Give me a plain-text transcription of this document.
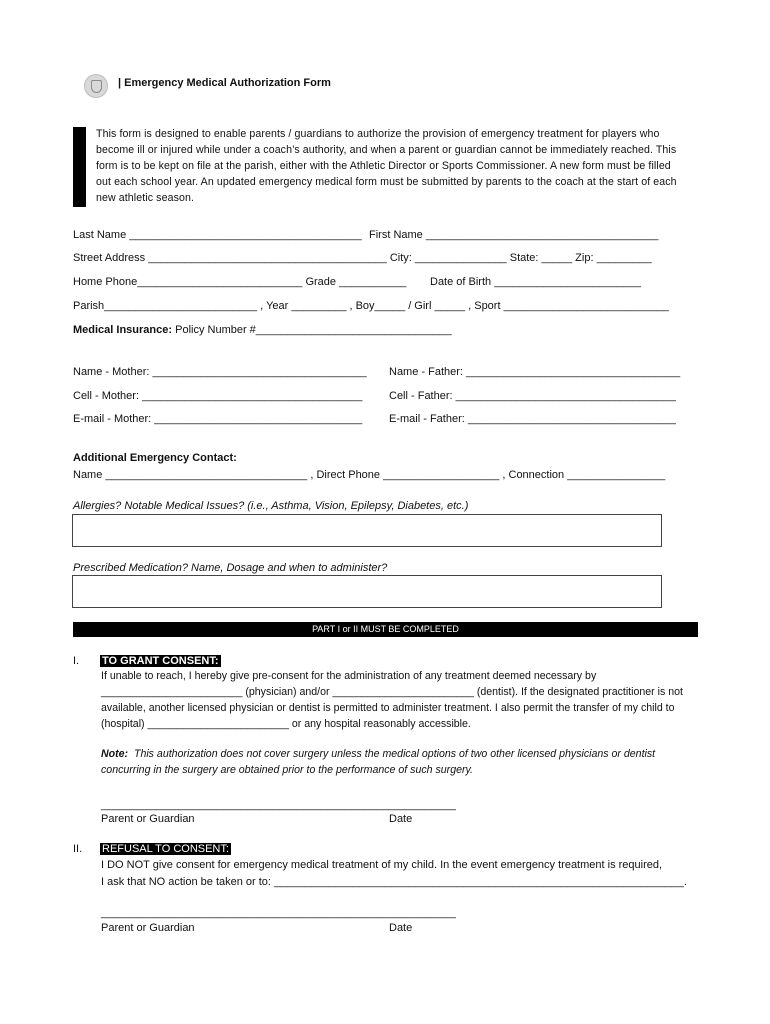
| Emergency Medical Authorization Form
This form is designed to enable parents / guardians to authorize the provision of emergency treatment for players who become ill or injured while under a coach’s authority, and when a parent or guardian cannot be immediately reached. This form is to be kept on file at the parish, either with the Athletic Director or Sports Commissioner. A new form must be filled out each school year. An updated emergency medical form must be submitted by parents to the coach at the start of each new athletic season.
Last Name ______________________________________ First Name ______________________________________
Street Address _______________________________________ City: _______________ State: _____ Zip: _________
Home Phone___________________________ Grade ___________ Date of Birth ________________________
Parish_________________________ , Year _________ , Boy_____ / Girl _____ , Sport ___________________________
Medical Insurance: Policy Number #________________________________
Name - Mother: ___________________________________ Name - Father: ___________________________________
Cell - Mother: ____________________________________ Cell - Father: ____________________________________
E-mail - Mother: __________________________________ E-mail - Father: __________________________________
Additional Emergency Contact:
Name _________________________________ , Direct Phone ___________________ , Connection ________________
Allergies? Notable Medical Issues? (i.e., Asthma, Vision, Epilepsy, Diabetes, etc.)
Prescribed Medication? Name, Dosage and when to administer?
PART I or II MUST BE COMPLETED
I. TO GRANT CONSENT:
If unable to reach, I hereby give pre-consent for the administration of any treatment deemed necessary by ________________________ (physician) and/or ________________________ (dentist). If the designated practitioner is not available, another licensed physician or dentist is permitted to administer treatment. I also permit the transfer of my child to (hospital) ________________________ or any hospital reasonably accessible.
Note: This authorization does not cover surgery unless the medical options of two other licensed physicians or dentist concurring in the surgery are obtained prior to the performance of such surgery.
__________________________________________________________
Parent or Guardian	Date
II. REFUSAL TO CONSENT:
I DO NOT give consent for emergency medical treatment of my child. In the event emergency treatment is required,
I ask that NO action be taken or to: ___________________________________________________________________.
__________________________________________________________
Parent or Guardian	Date
